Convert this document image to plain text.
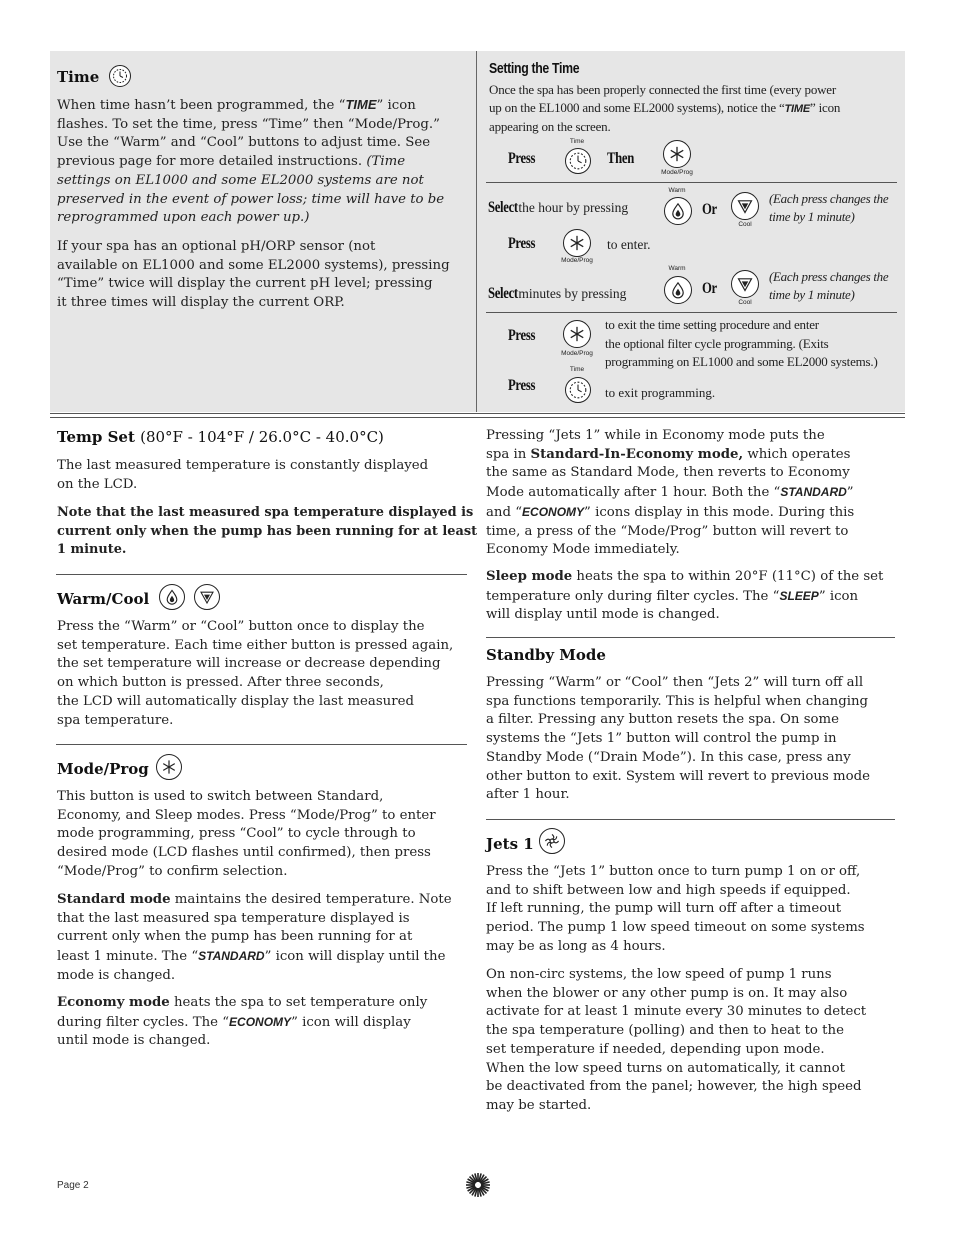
Time

When time hasn’t been programmed, the “TIME” icon

flashes. To set the time, press “Time” then “Mode/Prog.”

Use the “Warm” and “Cool” buttons to adjust time. See

previous page for more detailed instructions. (Time

settings on EL1000 and some EL2000 systems are not

preserved in the event of power loss; time will have to be

reprogrammed upon each power up.)

If your spa has an optional pH/ORP sensor (not

available on EL1000 and some EL2000 systems), pressing

“Time” twice will display the current pH level; pressing

it three times will display the current ORP.

Setting the Time

Once the spa has been properly connected the first time (every power

up on the EL1000 and some EL2000 systems), notice the “TIME” icon

appearing on the screen.

Press
Time
Then
Mode/Prog
Selectthe hour by pressing
Warm
Or
Cool
(Each press changes the
time by 1 minute)
Press
Mode/Prog
to enter.
Selectminutes by pressing
Warm
Or
Cool
(Each press changes the
time by 1 minute)
Press
Mode/Prog

to exit the time setting procedure and enter

the optional filter cycle programming. (Exits

programming on EL1000 and some EL2000 systems.)

Press
Time
to exit programming.
Temp Set (80°F - 104°F / 26.0°C - 40.0°C)

The last measured temperature is constantly displayed

on the LCD.

Note that the last measured spa temperature displayed is

current only when the pump has been running for at least

1 minute.

Warm/Cool

Press the “Warm” or “Cool” button once to display the

set temperature. Each time either button is pressed again,

the set temperature will increase or decrease depending

on which button is pressed. After three seconds,

the LCD will automatically display the last measured

spa temperature.

Mode/Prog

This button is used to switch between Standard,

Economy, and Sleep modes. Press “Mode/Prog” to enter

mode programming, press “Cool” to cycle through to

desired mode (LCD flashes until confirmed), then press

“Mode/Prog” to confirm selection.

Standard mode maintains the desired temperature. Note

that the last measured spa temperature displayed is

current only when the pump has been running for at

least 1 minute. The “STANDARD” icon will display until the

mode is changed.

Economy mode heats the spa to set temperature only

during filter cycles. The “ECONOMY” icon will display

until mode is changed.

Pressing “Jets 1” while in Economy mode puts the

spa in Standard-In-Economy mode, which operates

the same as Standard Mode, then reverts to Economy

Mode automatically after 1 hour. Both the “STANDARD”

and “ECONOMY” icons display in this mode. During this

time, a press of the “Mode/Prog” button will revert to

Economy Mode immediately.

Sleep mode heats the spa to within 20°F (11°C) of the set

temperature only during filter cycles. The “SLEEP” icon

will display until mode is changed.

Standby Mode

Pressing “Warm” or “Cool” then “Jets 2” will turn off all

spa functions temporarily. This is helpful when changing

a filter. Pressing any button resets the spa. On some

systems the “Jets 1” button will control the pump in

Standby Mode (“Drain Mode”). In this case, press any

other button to exit. System will revert to previous mode

after 1 hour.

Jets 1

Press the “Jets 1” button once to turn pump 1 on or off,

and to shift between low and high speeds if equipped.

If left running, the pump will turn off after a timeout

period. The pump 1 low speed timeout on some systems

may be as long as 4 hours.

On non-circ systems, the low speed of pump 1 runs

when the blower or any other pump is on. It may also

activate for at least 1 minute every 30 minutes to detect

the spa temperature (polling) and then to heat to the

set temperature if needed, depending upon mode.

When the low speed turns on automatically, it cannot

be deactivated from the panel; however, the high speed

may be started.

Page 2
